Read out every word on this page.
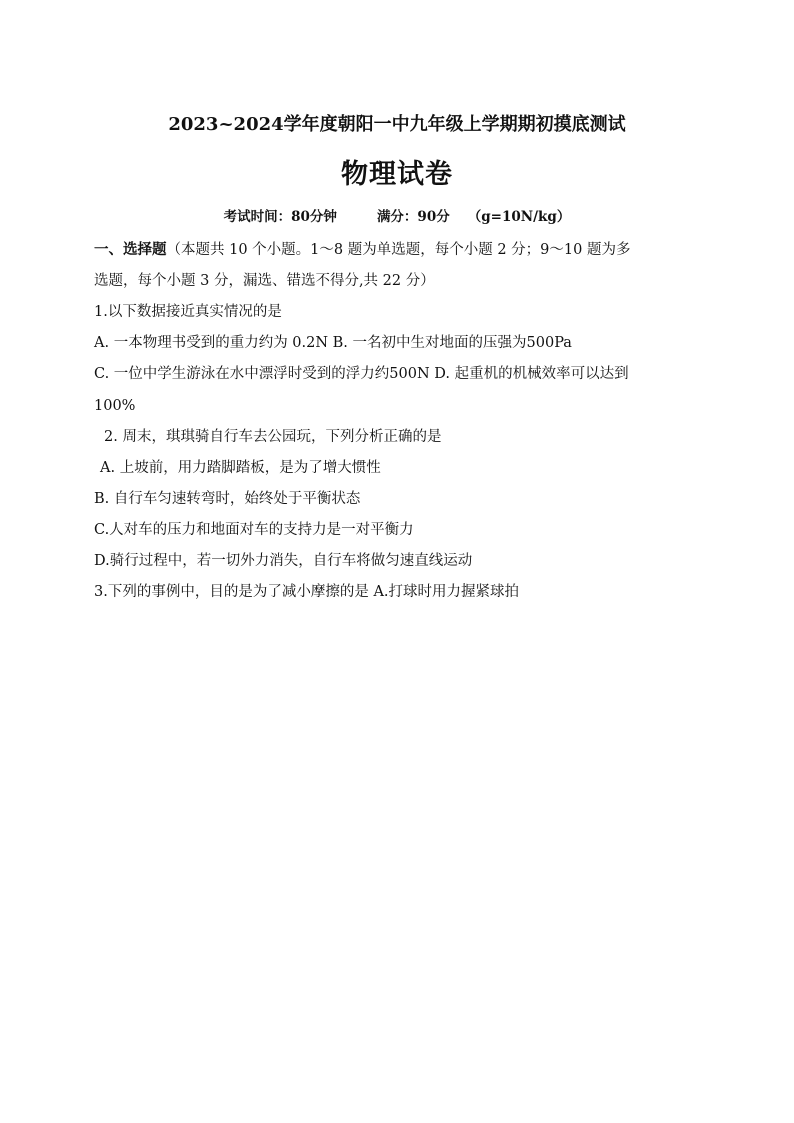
2023~2024学年度朝阳一中九年级上学期期初摸底测试
物理试卷
考试时间：80分钟	满分：90分 （g=10N/kg）
一、选择题（本题共 10 个小题。1～8 题为单选题，每个小题 2 分；9～10 题为多
选题，每个小题 3 分，漏选、错选不得分,共 22 分）
1.以下数据接近真实情况的是
A. 一本物理书受到的重力约为 0.2N B. 一名初中生对地面的压强为500Pa
C. 一位中学生游泳在水中漂浮时受到的浮力约500N D. 起重机的机械效率可以达到
100%
2. 周末，琪琪骑自行车去公园玩，下列分析正确的是
A. 上坡前，用力踏脚踏板，是为了增大惯性
B. 自行车匀速转弯时，始终处于平衡状态
C.人对车的压力和地面对车的支持力是一对平衡力
D.骑行过程中，若一切外力消失，自行车将做匀速直线运动
3.下列的事例中，目的是为了减小摩擦的是 A.打球时用力握紧球拍
